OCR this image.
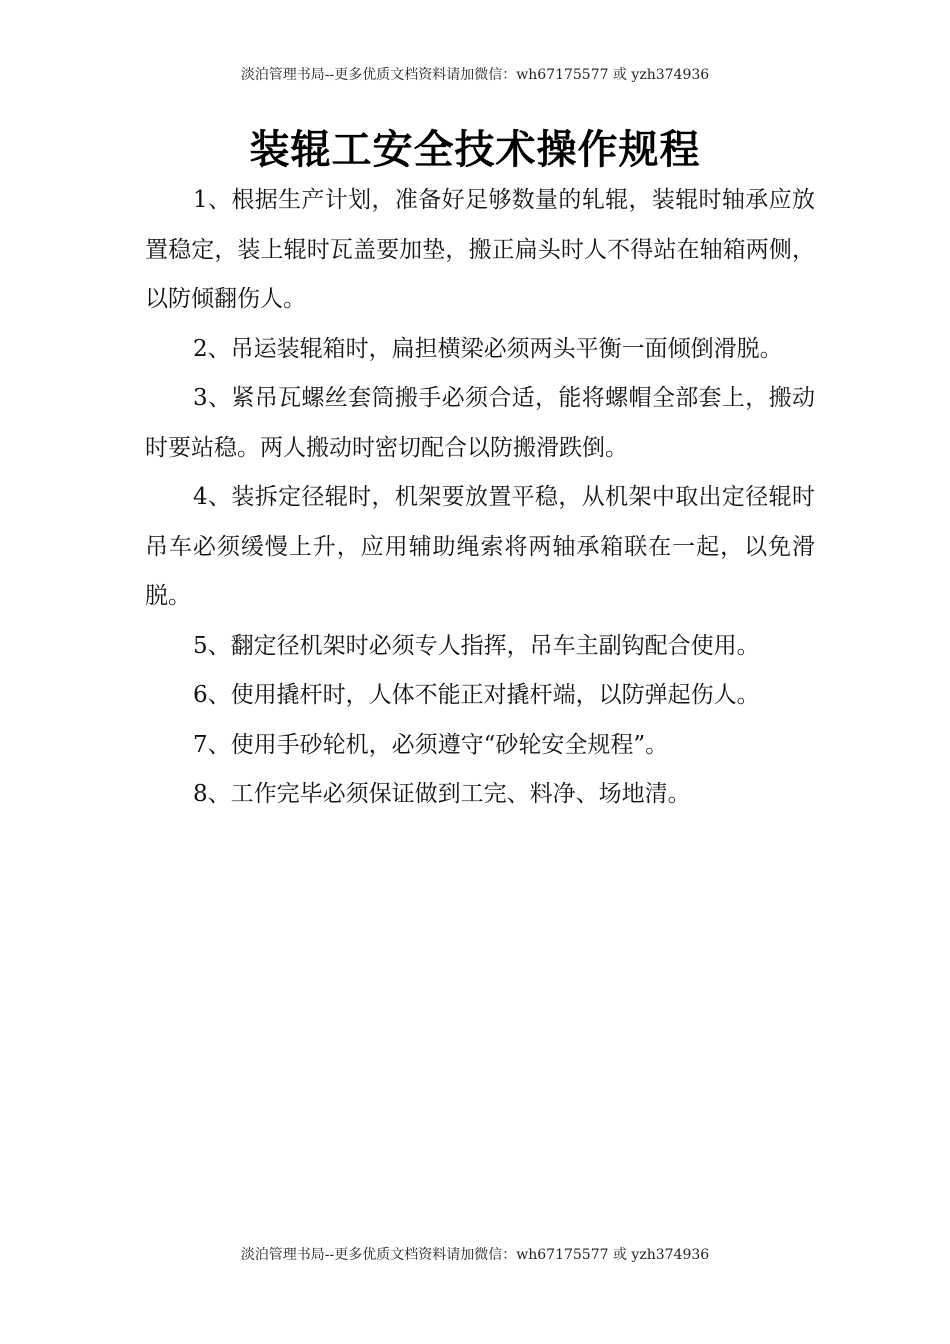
淡泊管理书局--更多优质文档资料请加微信：wh67175577 或 yzh374936
装辊工安全技术操作规程

1、根据生产计划，准备好足够数量的轧辊，装辊时轴承应放置稳定，装上辊时瓦盖要加垫，搬正扁头时人不得站在轴箱两侧，以防倾翻伤人。

2、吊运装辊箱时，扁担横梁必须两头平衡一面倾倒滑脱。

3、紧吊瓦螺丝套筒搬手必须合适，能将螺帽全部套上，搬动时要站稳。两人搬动时密切配合以防搬滑跌倒。

4、装拆定径辊时，机架要放置平稳，从机架中取出定径辊时吊车必须缓慢上升，应用辅助绳索将两轴承箱联在一起，以免滑脱。

5、翻定径机架时必须专人指挥，吊车主副钩配合使用。

6、使用撬杆时，人体不能正对撬杆端，以防弹起伤人。

7、使用手砂轮机，必须遵守“砂轮安全规程”。

8、工作完毕必须保证做到工完、料净、场地清。

淡泊管理书局--更多优质文档资料请加微信：wh67175577 或 yzh374936
